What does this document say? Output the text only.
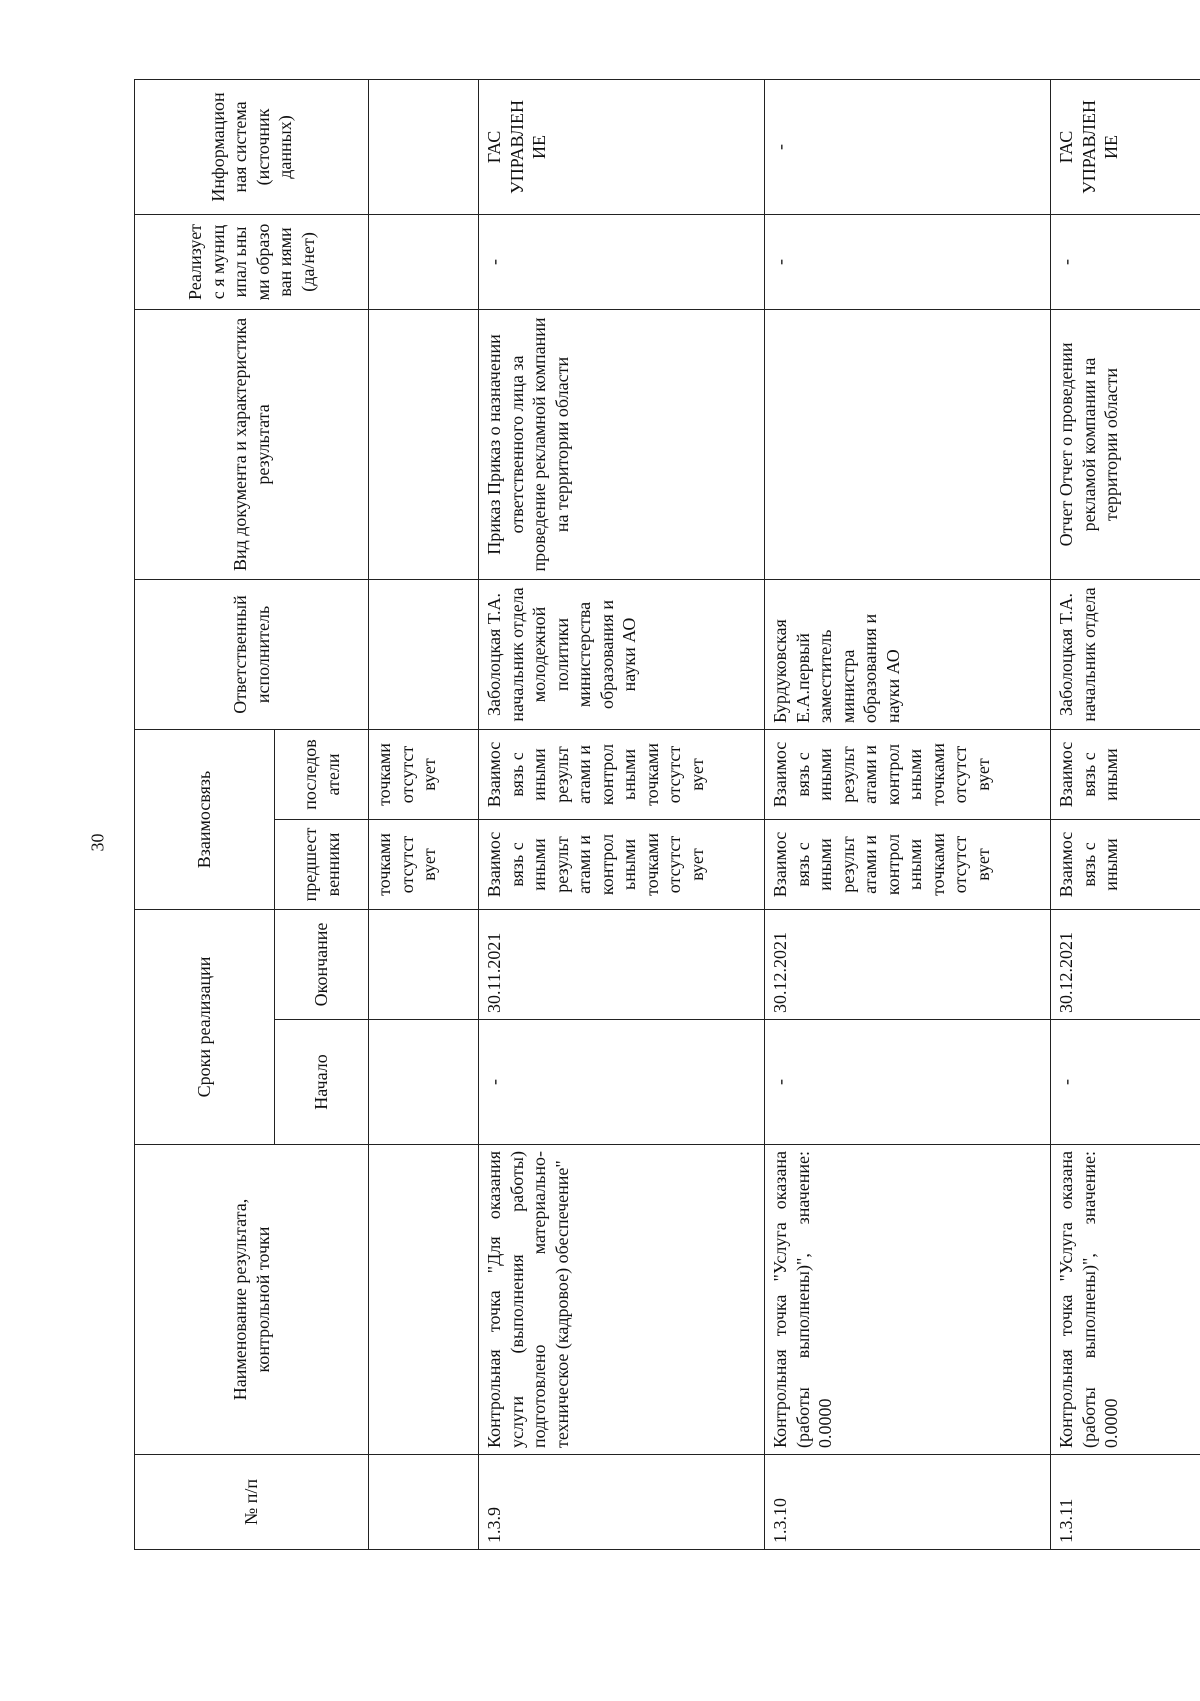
30
№ п/п	Наименование результата, контрольной точки	Сроки реализации		Взаимосвязь		Ответственный исполнитель	Вид документа и характеристика результата	Реализуетс я муниципал ьными образован иями (да/нет)	Информацион ная система (источник данных)
		Начало	Окончание	предшест венники	последов атели				
				точками отсутст вует	точками отсутст вует				
1.3.9	Контрольная точка "Для оказания услуги (выполнения работы) подготовлено материально-техническое (кадровое) обеспечение"	-	30.11.2021	Взаимос вязь с иными результ атами и контрол ьными точками отсутст вует	Взаимос вязь с иными результ атами и контрол ьными точками отсутст вует	Заболоцкая Т.А. начальник отдела молодежной политики министерства образования и науки АО	Приказ Приказ о назначении ответственного лица за проведение рекламной компании на территории области	-	ГАС УПРАВЛЕН ИЕ
1.3.10	Контрольная точка "Услуга оказана (работы выполнены)", значение: 0.0000	-	30.12.2021	Взаимос вязь с иными результ атами и контрол ьными точками отсутст вует	Взаимос вязь с иными результ атами и контрол ьными точками отсутст вует	Бурдуковская Е.А.первый заместитель министра образования и науки АО		-	-
1.3.11	Контрольная точка "Услуга оказана (работы выполнены)", значение: 0.0000	-	30.12.2021	Взаимос вязь с иными	Взаимос вязь с иными	Заболоцкая Т.А. начальник отдела	Отчет Отчет о проведении рекламой компании на территории области	-	ГАС УПРАВЛЕН ИЕ
